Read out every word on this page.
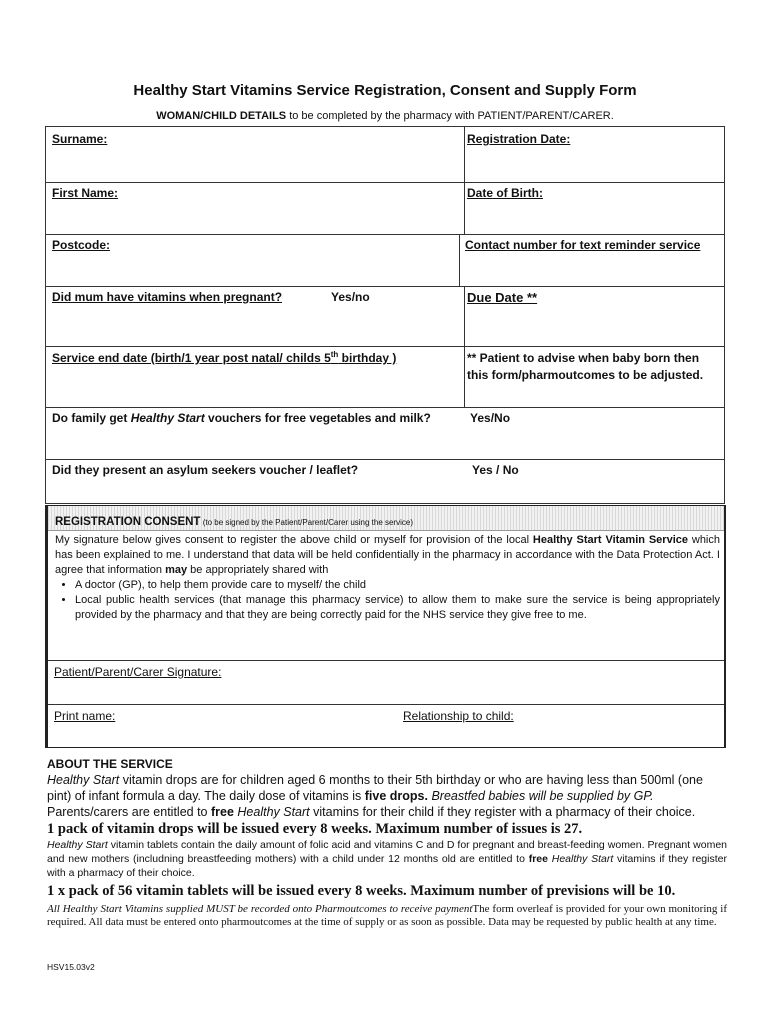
Healthy Start Vitamins Service Registration, Consent and Supply Form
WOMAN/CHILD DETAILS to be completed by the pharmacy with PATIENT/PARENT/CARER.
Surname:	Registration Date:
First Name:	Date of Birth:
Postcode:	Contact number for text reminder service
Did mum have vitamins when pregnant?	Yes/no	Due Date **
Service end date (birth/1 year post natal/ childs 5th birthday )	** Patient to advise when baby born then
this form/pharmoutcomes to be adjusted.
Do family get Healthy Start vouchers for free vegetables and milk?	Yes/No
Did they present an asylum seekers voucher / leaflet?	Yes / No
REGISTRATION CONSENT (to be signed by the Patient/Parent/Carer using the service)
My signature below gives consent to register the above child or myself for provision of the local Healthy Start Vitamin Service which has been explained to me. I understand that data will be held confidentially in the pharmacy in accordance with the Data Protection Act. I agree that information may be appropriately shared with
• A doctor (GP), to help them provide care to myself/ the child
• Local public health services (that manage this pharmacy service) to allow them to make sure the service is being appropriately provided by the pharmacy and that they are being correctly paid for the NHS service they give free to me.
Patient/Parent/Carer Signature:
Print name:	Relationship to child:
ABOUT THE SERVICE
Healthy Start vitamin drops are for children aged 6 months to their 5th birthday or who are having less than 500ml (one pint) of infant formula a day. The daily dose of vitamins is five drops. Breastfed babies will be supplied by GP.
Parents/carers are entitled to free Healthy Start vitamins for their child if they register with a pharmacy of their choice.
1 pack of vitamin drops will be issued every 8 weeks. Maximum number of issues is 27.
Healthy Start vitamin tablets contain the daily amount of folic acid and vitamins C and D for pregnant and breast-feeding women. Pregnant women and new mothers (includning breastfeeding mothers) with a child under 12 months old are entitled to free Healthy Start vitamins if they register with a pharmacy of their choice.
1 x pack of 56 vitamin tablets will be issued every 8 weeks. Maximum number of previsions will be 10.
All Healthy Start Vitamins supplied MUST be recorded onto Pharmoutcomes to receive paymentThe form overleaf is provided for your own monitoring if required. All data must be entered onto pharmoutcomes at the time of supply or as soon as possible. Data may be requested by public health at any time.
HSV15.03v2
